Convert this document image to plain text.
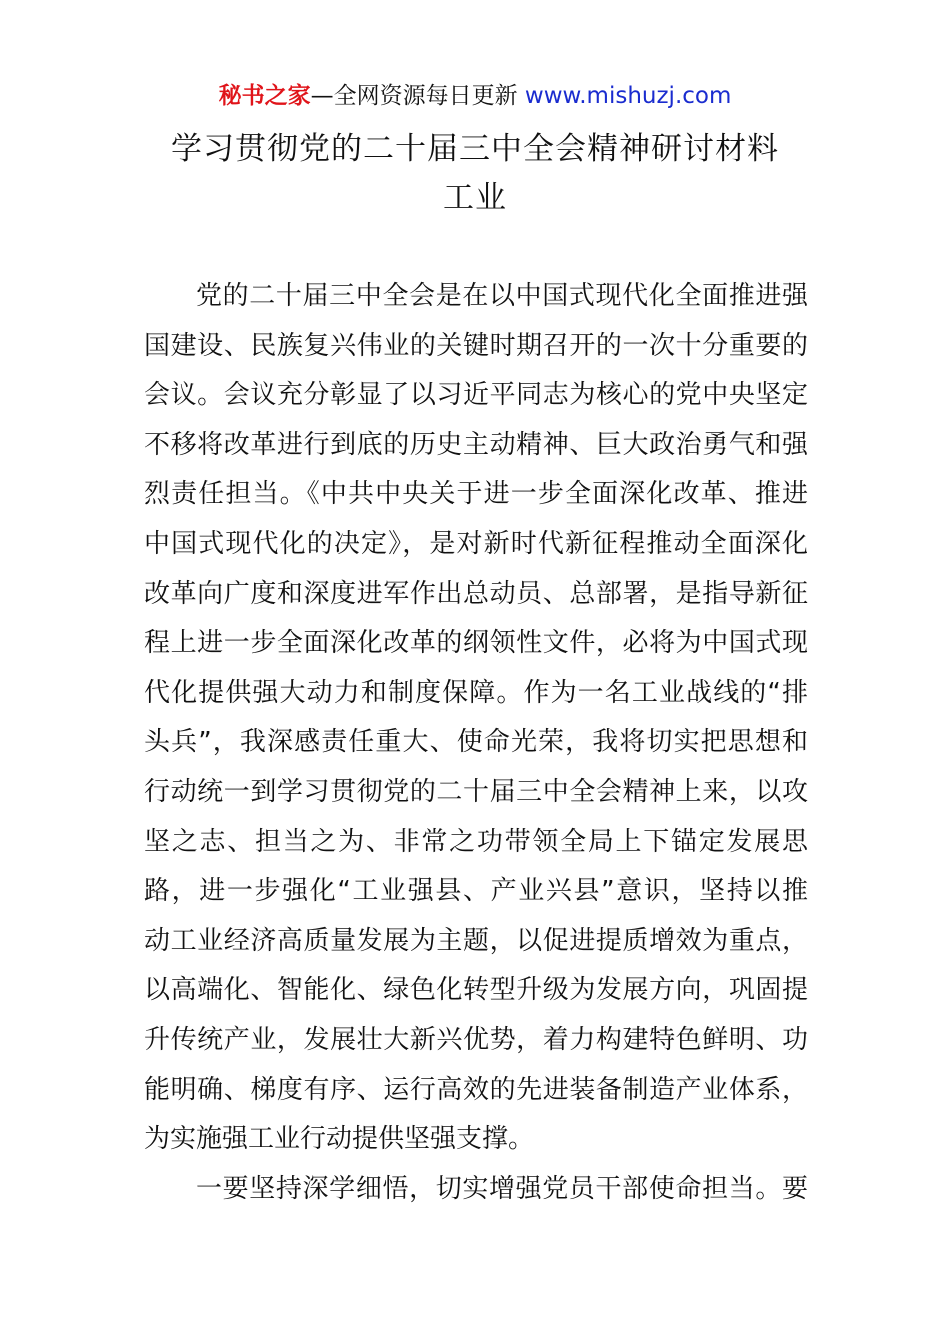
秘书之家—全网资源每日更新 www.mishuzj.com
学习贯彻党的二十届三中全会精神研讨材料
工业
党的二十届三中全会是在以中国式现代化全面推进强
国建设、民族复兴伟业的关键时期召开的一次十分重要的
会议。会议充分彰显了以习近平同志为核心的党中央坚定
不移将改革进行到底的历史主动精神、巨大政治勇气和强
烈责任担当。《中共中央关于进一步全面深化改革、推进
中国式现代化的决定》，是对新时代新征程推动全面深化
改革向广度和深度进军作出总动员、总部署，是指导新征
程上进一步全面深化改革的纲领性文件，必将为中国式现
代化提供强大动力和制度保障。作为一名工业战线的“排
头兵”，我深感责任重大、使命光荣，我将切实把思想和
行动统一到学习贯彻党的二十届三中全会精神上来，以攻
坚之志、担当之为、非常之功带领全局上下锚定发展思
路，进一步强化“工业强县、产业兴县”意识，坚持以推
动工业经济高质量发展为主题，以促进提质增效为重点，
以高端化、智能化、绿色化转型升级为发展方向，巩固提
升传统产业，发展壮大新兴优势，着力构建特色鲜明、功
能明确、梯度有序、运行高效的先进装备制造产业体系，
为实施强工业行动提供坚强支撑。
一要坚持深学细悟，切实增强党员干部使命担当。要
